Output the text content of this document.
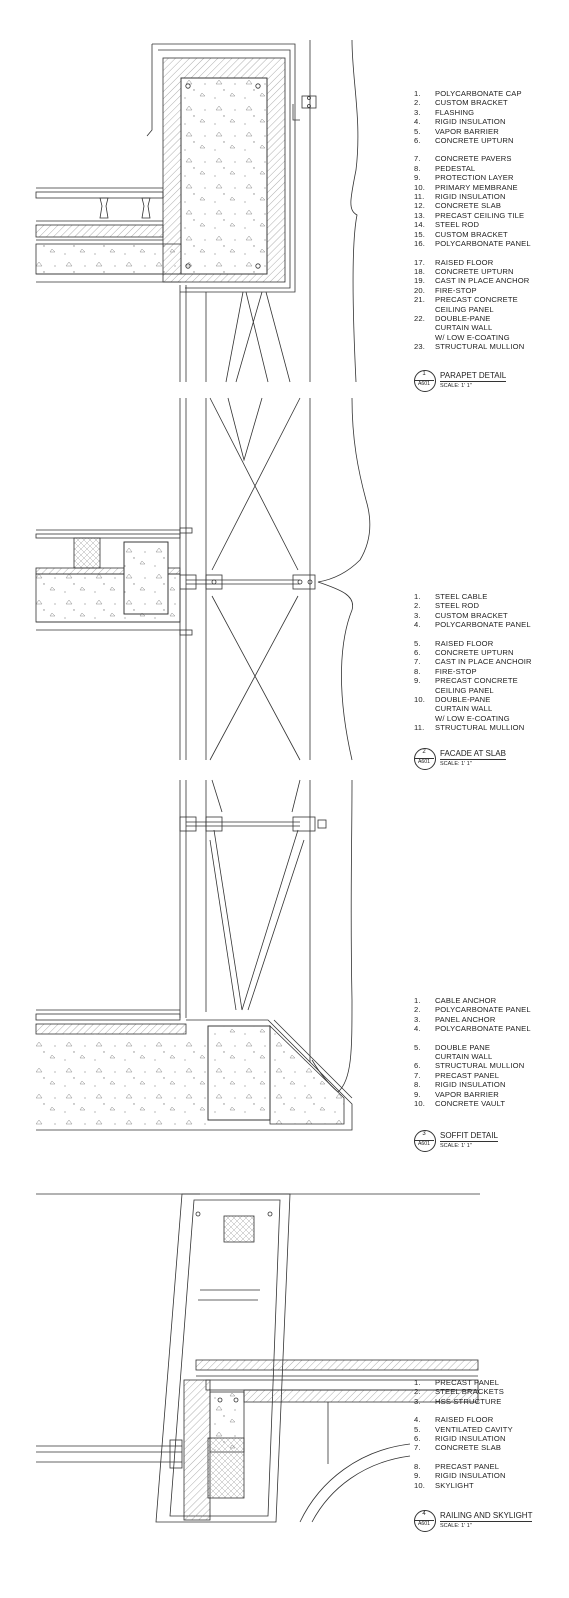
1.	POLYCARBONATE CAP
2.	CUSTOM BRACKET
3.	FLASHING
4.	RIGID INSULATION
5.	VAPOR BARRIER
6.	CONCRETE UPTURN
7.	CONCRETE PAVERS
8.	PEDESTAL
9.	PROTECTION LAYER
10.	PRIMARY MEMBRANE
11.	RIGID INSULATION
12.	CONCRETE SLAB
13.	PRECAST CEILING TILE
14.	STEEL ROD
15.	CUSTOM BRACKET
16.	POLYCARBONATE PANEL
17.	RAISED FLOOR
18.	CONCRETE UPTURN
19.	CAST IN PLACE ANCHOR
20.	FIRE-STOP
21.	PRECAST CONCRETE
CEILING PANEL
22.	DOUBLE-PANE
CURTAIN WALL
W/ LOW E-COATING
23.	STRUCTURAL MULLION
1
A601
PARAPET DETAIL
SCALE: 1' 1"
1.	STEEL CABLE
2.	STEEL ROD
3.	CUSTOM BRACKET
4.	POLYCARBONATE PANEL
5.	RAISED FLOOR
6.	CONCRETE UPTURN
7.	CAST IN PLACE ANCHOIR
8.	FIRE-STOP
9.	PRECAST CONCRETE
CEILING PANEL
10.	DOUBLE-PANE
CURTAIN WALL
W/ LOW E-COATING
11.	STRUCTURAL MULLION
2
A601
FACADE AT SLAB
SCALE: 1' 1"
1.	CABLE ANCHOR
2.	POLYCARBONATE PANEL
3.	PANEL ANCHOR
4.	POLYCARBONATE PANEL
5.	DOUBLE PANE
CURTAIN WALL
6.	STRUCTURAL MULLION
7.	PRECAST PANEL
8.	RIGID INSULATION
9.	VAPOR BARRIER
10.	CONCRETE VAULT
3
A601
SOFFIT DETAIL
SCALE: 1' 1"
1.	PRECAST PANEL
2.	STEEL BRACKETS
3.	HSS STRUCTURE
4.	RAISED FLOOR
5.	VENTILATED CAVITY
6.	RIGID INSULATION
7.	CONCRETE SLAB
8.	PRECAST PANEL
9.	RIGID INSULATION
10.	SKYLIGHT
4
A601
RAILING AND SKYLIGHT
SCALE: 1' 1"
